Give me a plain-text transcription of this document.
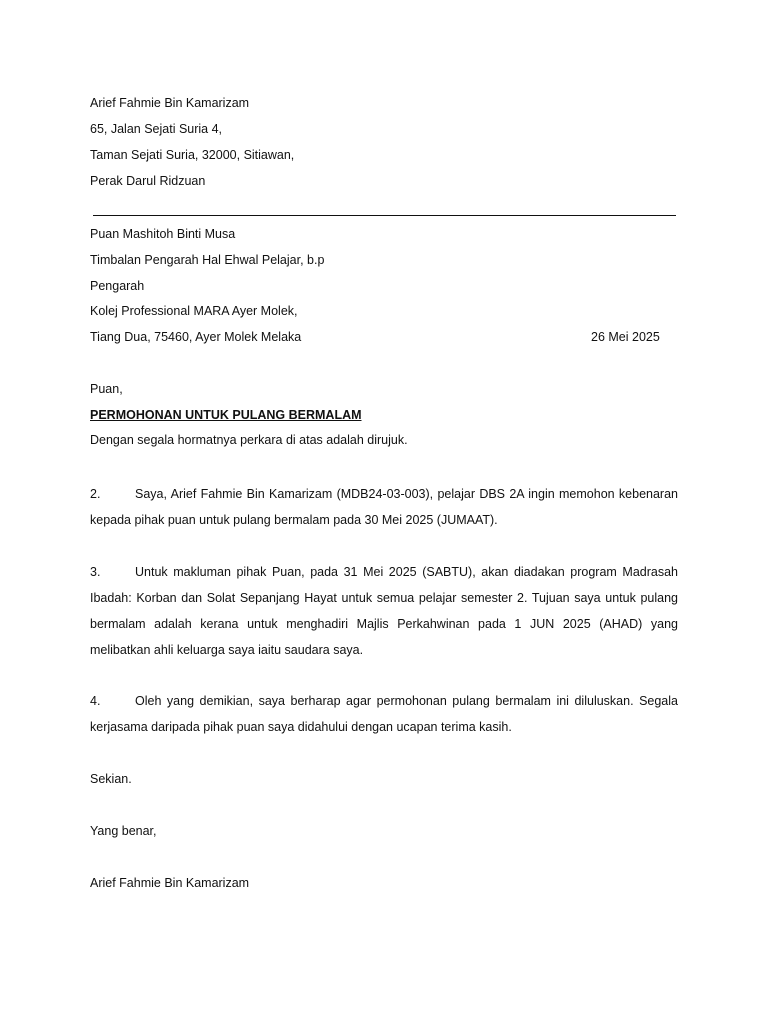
Arief Fahmie Bin Kamarizam
65, Jalan Sejati Suria 4,
Taman Sejati Suria, 32000, Sitiawan,
Perak Darul Ridzuan
Puan Mashitoh Binti Musa
Timbalan Pengarah Hal Ehwal Pelajar, b.p
Pengarah
Kolej Professional MARA Ayer Molek,
Tiang Dua, 75460, Ayer Molek Melaka	26 Mei 2025
Puan,
PERMOHONAN UNTUK PULANG BERMALAM
Dengan segala hormatnya perkara di atas adalah dirujuk.
2.	Saya, Arief Fahmie Bin Kamarizam (MDB24-03-003), pelajar DBS 2A ingin memohon kebenaran kepada pihak puan untuk pulang bermalam pada 30 Mei 2025 (JUMAAT).
3.	Untuk makluman pihak Puan, pada 31 Mei 2025 (SABTU), akan diadakan program Madrasah Ibadah: Korban dan Solat Sepanjang Hayat untuk semua pelajar semester 2. Tujuan saya untuk pulang bermalam adalah kerana untuk menghadiri Majlis Perkahwinan pada 1 JUN 2025 (AHAD) yang melibatkan ahli keluarga saya iaitu saudara saya.
4.	Oleh yang demikian, saya berharap agar permohonan pulang bermalam ini diluluskan. Segala kerjasama daripada pihak puan saya didahului dengan ucapan terima kasih.
Sekian.
Yang benar,
Arief Fahmie Bin Kamarizam
